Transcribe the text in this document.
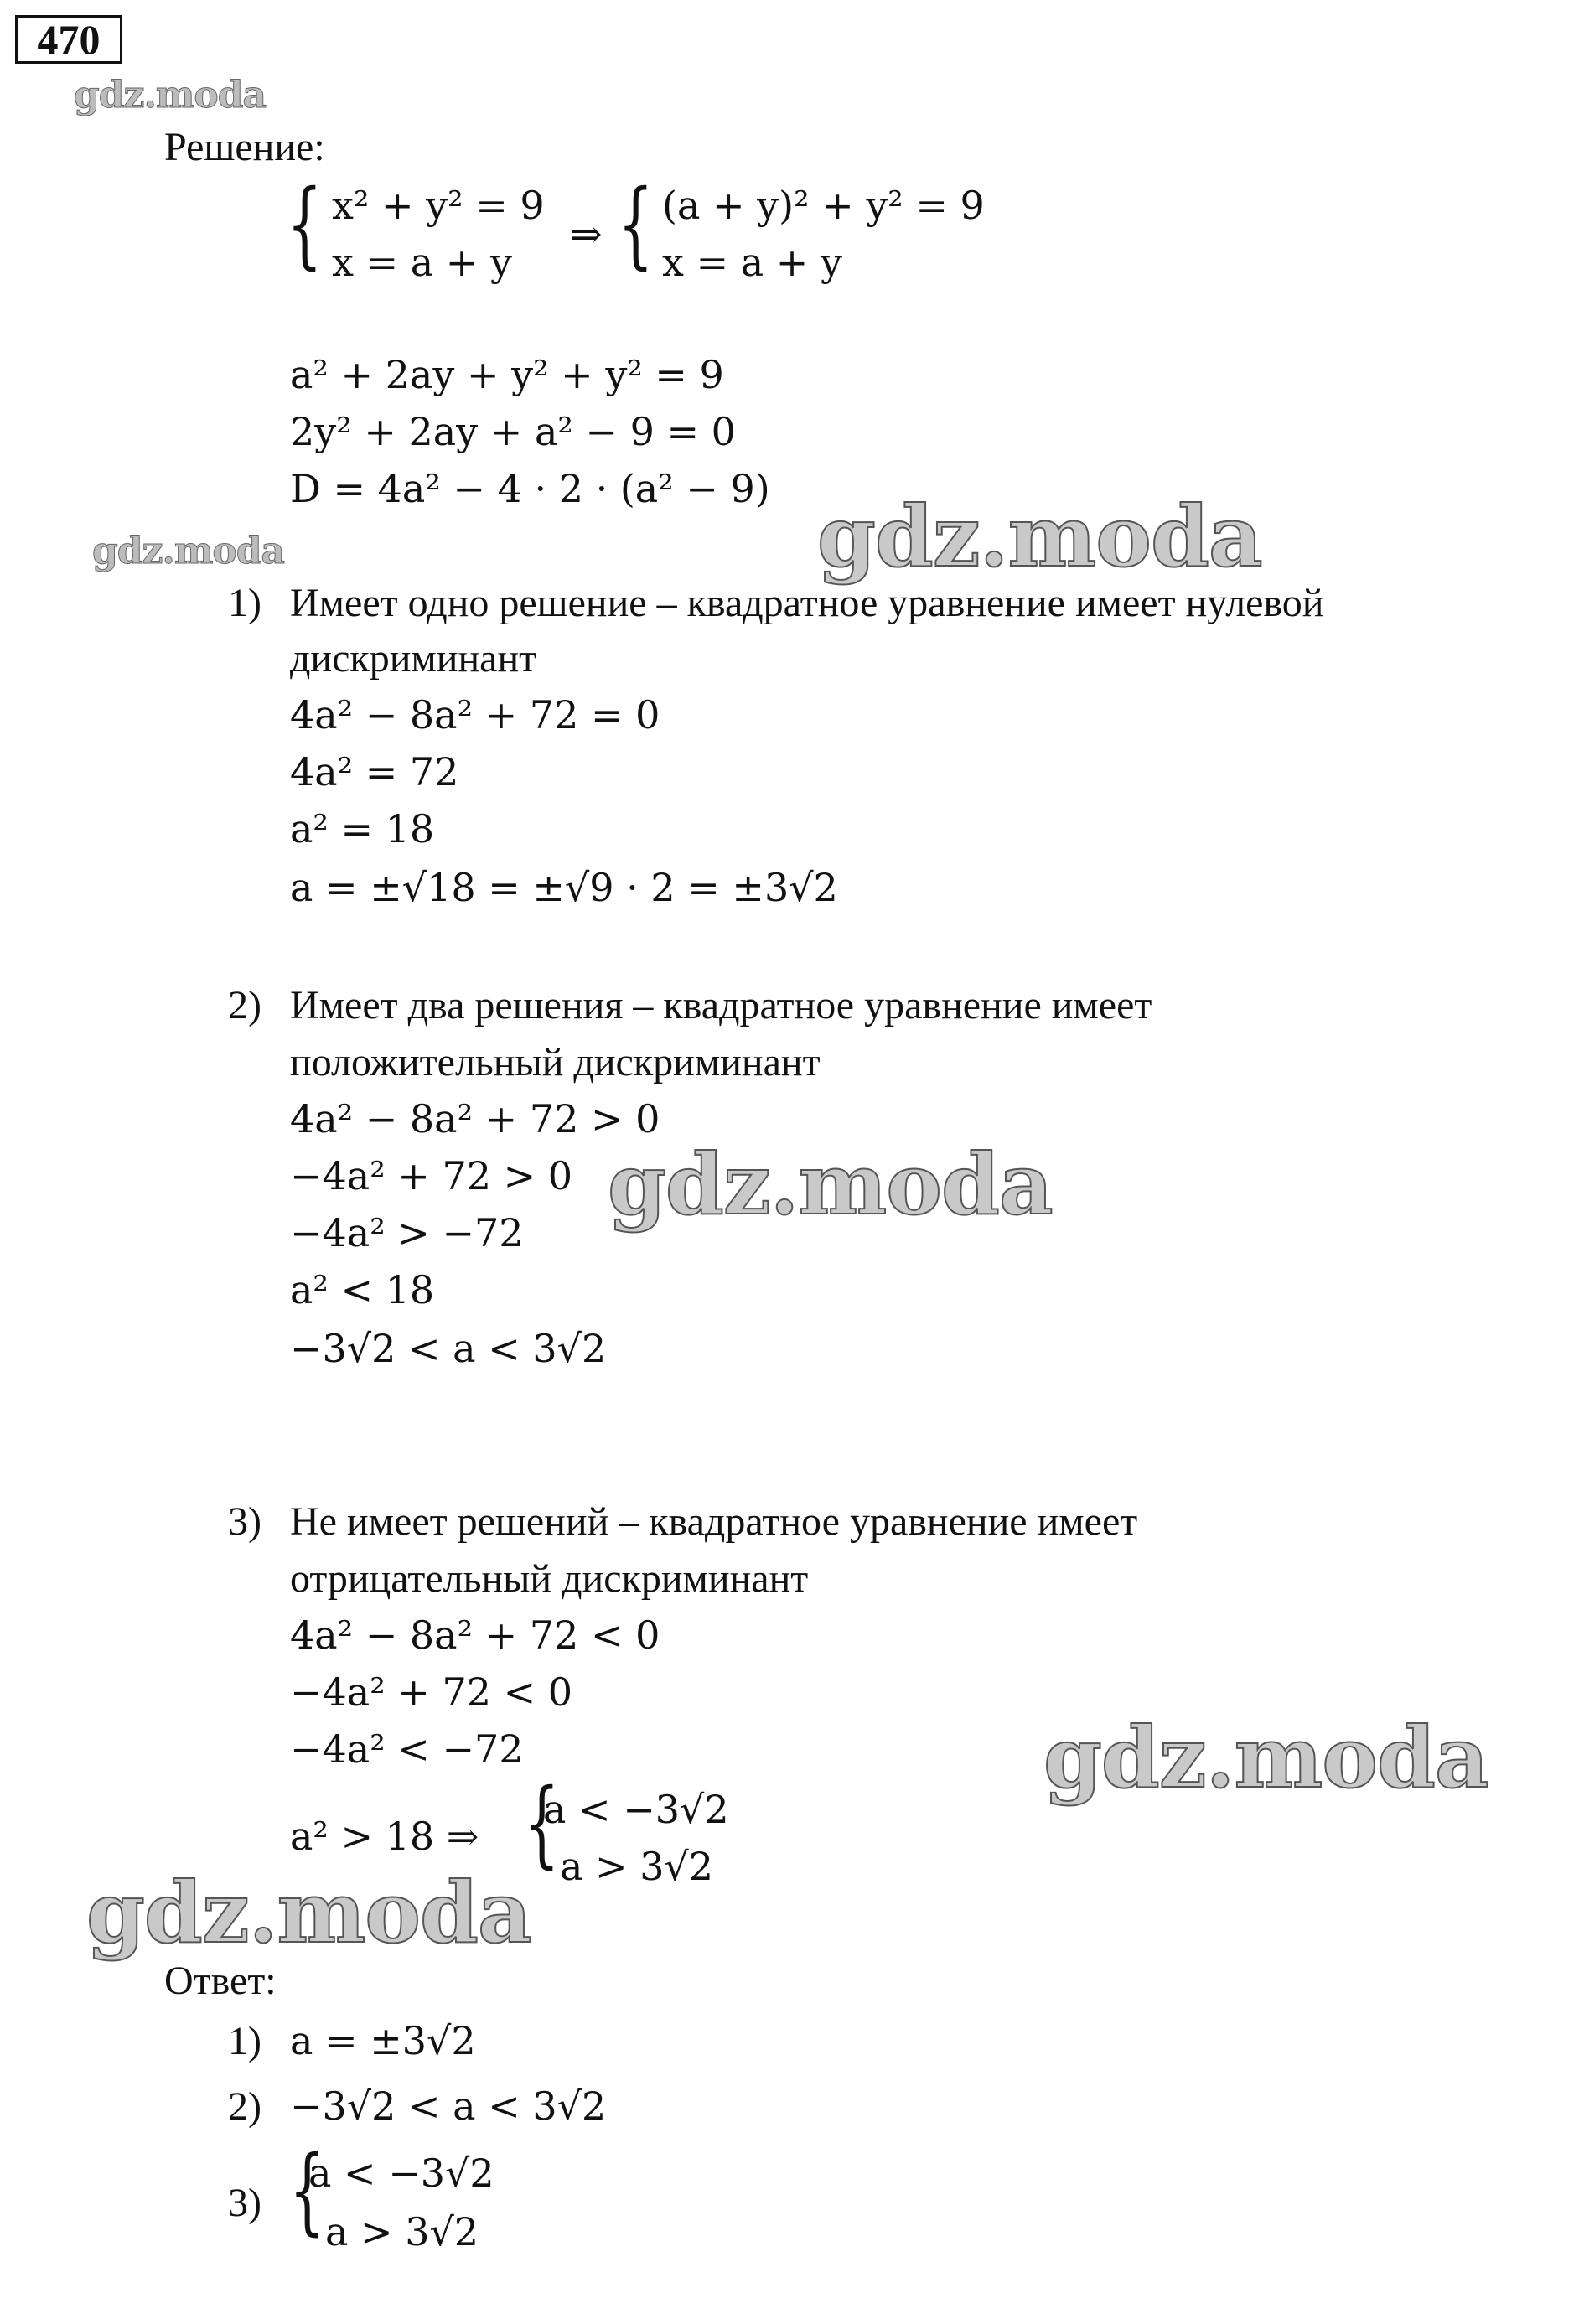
470
gdz.moda
gdz.moda	gdz.moda
gdz.moda
gdz.moda
gdz.moda
Решение:
{ x² + y² = 9
x = a + y
⇒ { (a + y)² + y² = 9
x = a + y
a² + 2ay + y² + y² = 9
2y² + 2ay + a² − 9 = 0
D = 4a² − 4 · 2 · (a² − 9)
1) Имеет одно решение – квадратное уравнение имеет нулевой
дискриминант
4a² − 8a² + 72 = 0
4a² = 72
a² = 18
a = ±√18 = ±√9 · 2 = ±3√2
2) Имеет два решения – квадратное уравнение имеет
положительный дискриминант
4a² − 8a² + 72 > 0
−4a² + 72 > 0
−4a² > −72
a² < 18
−3√2 < a < 3√2
3) Не имеет решений – квадратное уравнение имеет
отрицательный дискриминант
4a² − 8a² + 72 < 0
−4a² + 72 < 0
−4a² < −72
a² > 18 ⇒ {
a < −3√2
a > 3√2
Ответ:
1) a = ±3√2
2) −3√2 < a < 3√2
3) {
a < −3√2
a > 3√2
